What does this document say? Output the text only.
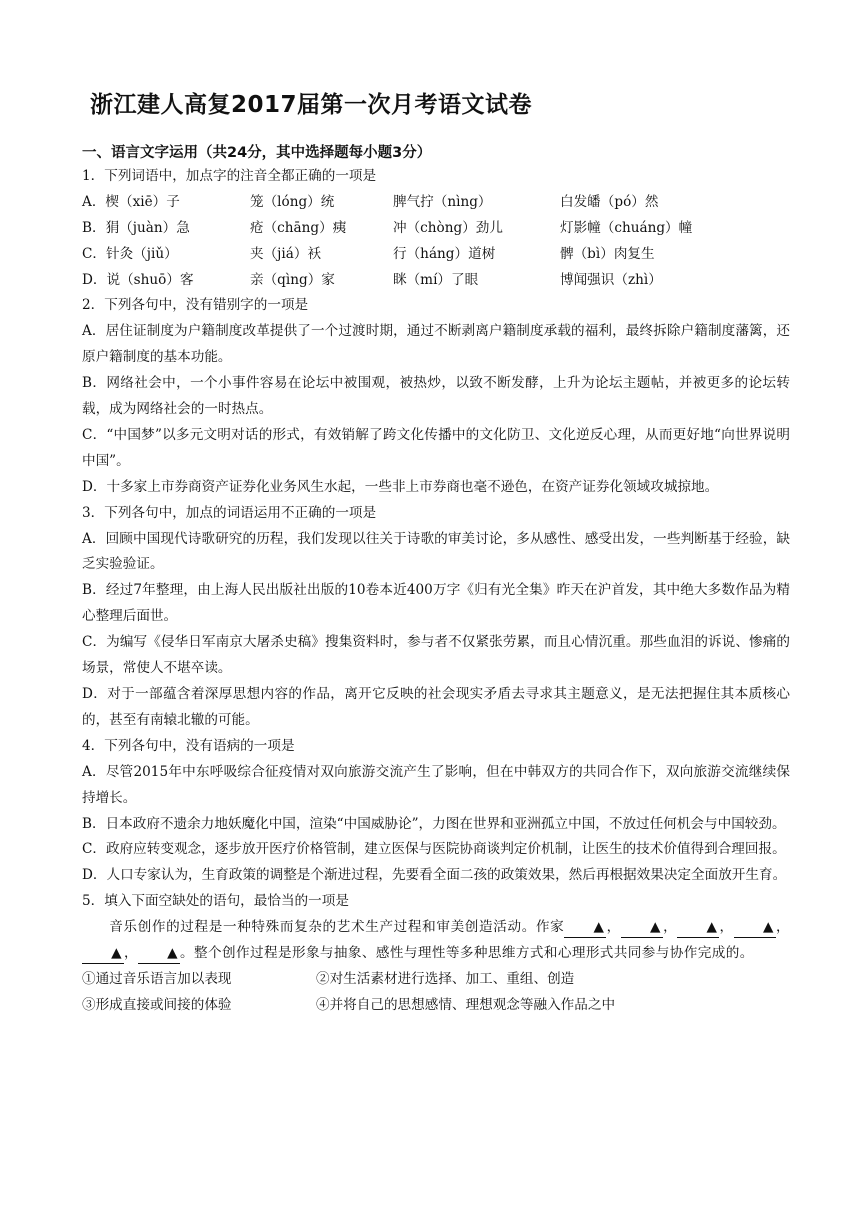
浙江建人高复2017届第一次月考语文试卷
一、语言文字运用（共24分，其中选择题每小题3分）
1．下列词语中，加点字的注音全都正确的一项是
A．楔（xiē）子	笼（lóng）统	脾气拧（nìng）	白发皤（pó）然
B．狷（juàn）急	疮（chāng）痍	冲（chòng）劲儿	灯影幢（chuáng）幢
C．针灸（jiǔ）	夹（jiá）袄	行（háng）道树	髀（bì）肉复生
D．说（shuō）客	亲（qìng）家	眯（mí）了眼	博闻强识（zhì）
2．下列各句中，没有错别字的一项是
A．居住证制度为户籍制度改革提供了一个过渡时期，通过不断剥离户籍制度承载的福利，最终拆除户籍制度藩篱，还原户籍制度的基本功能。
B．网络社会中，一个小事件容易在论坛中被围观，被热炒，以致不断发酵，上升为论坛主题帖，并被更多的论坛转载，成为网络社会的一时热点。
C．“中国梦”以多元文明对话的形式，有效销解了跨文化传播中的文化防卫、文化逆反心理，从而更好地“向世界说明中国”。
D．十多家上市券商资产证券化业务风生水起，一些非上市券商也毫不逊色，在资产证券化领域攻城掠地。
3．下列各句中，加点的词语运用不正确的一项是
A．回顾中国现代诗歌研究的历程，我们发现以往关于诗歌的审美讨论，多从感性、感受出发，一些判断基于经验，缺乏实验验证。
B．经过7年整理，由上海人民出版社出版的10卷本近400万字《归有光全集》昨天在沪首发，其中绝大多数作品为精心整理后面世。
C．为编写《侵华日军南京大屠杀史稿》搜集资料时，参与者不仅紧张劳累，而且心情沉重。那些血泪的诉说、惨痛的场景，常使人不堪卒读。
D．对于一部蕴含着深厚思想内容的作品，离开它反映的社会现实矛盾去寻求其主题意义，是无法把握住其本质核心的，甚至有南辕北辙的可能。
4．下列各句中，没有语病的一项是
A．尽管2015年中东呼吸综合征疫情对双向旅游交流产生了影响，但在中韩双方的共同合作下，双向旅游交流继续保持增长。
B．日本政府不遗余力地妖魔化中国，渲染“中国威胁论”，力图在世界和亚洲孤立中国，不放过任何机会与中国较劲。
C．政府应转变观念，逐步放开医疗价格管制，建立医保与医院协商谈判定价机制，让医生的技术价值得到合理回报。
D．人口专家认为，生育政策的调整是个渐进过程，先要看全面二孩的政策效果，然后再根据效果决定全面放开生育。
5．填入下面空缺处的语句，最恰当的一项是
音乐创作的过程是一种特殊而复杂的艺术生产过程和审美创造活动。作家 ▲ ， ▲ ， ▲ ， ▲ ，▲ ， ▲ 。整个创作过程是形象与抽象、感性与理性等多种思维方式和心理形式共同参与协作完成的。
①通过音乐语言加以表现	②对生活素材进行选择、加工、重组、创造
③形成直接或间接的体验	④并将自己的思想感情、理想观念等融入作品之中
